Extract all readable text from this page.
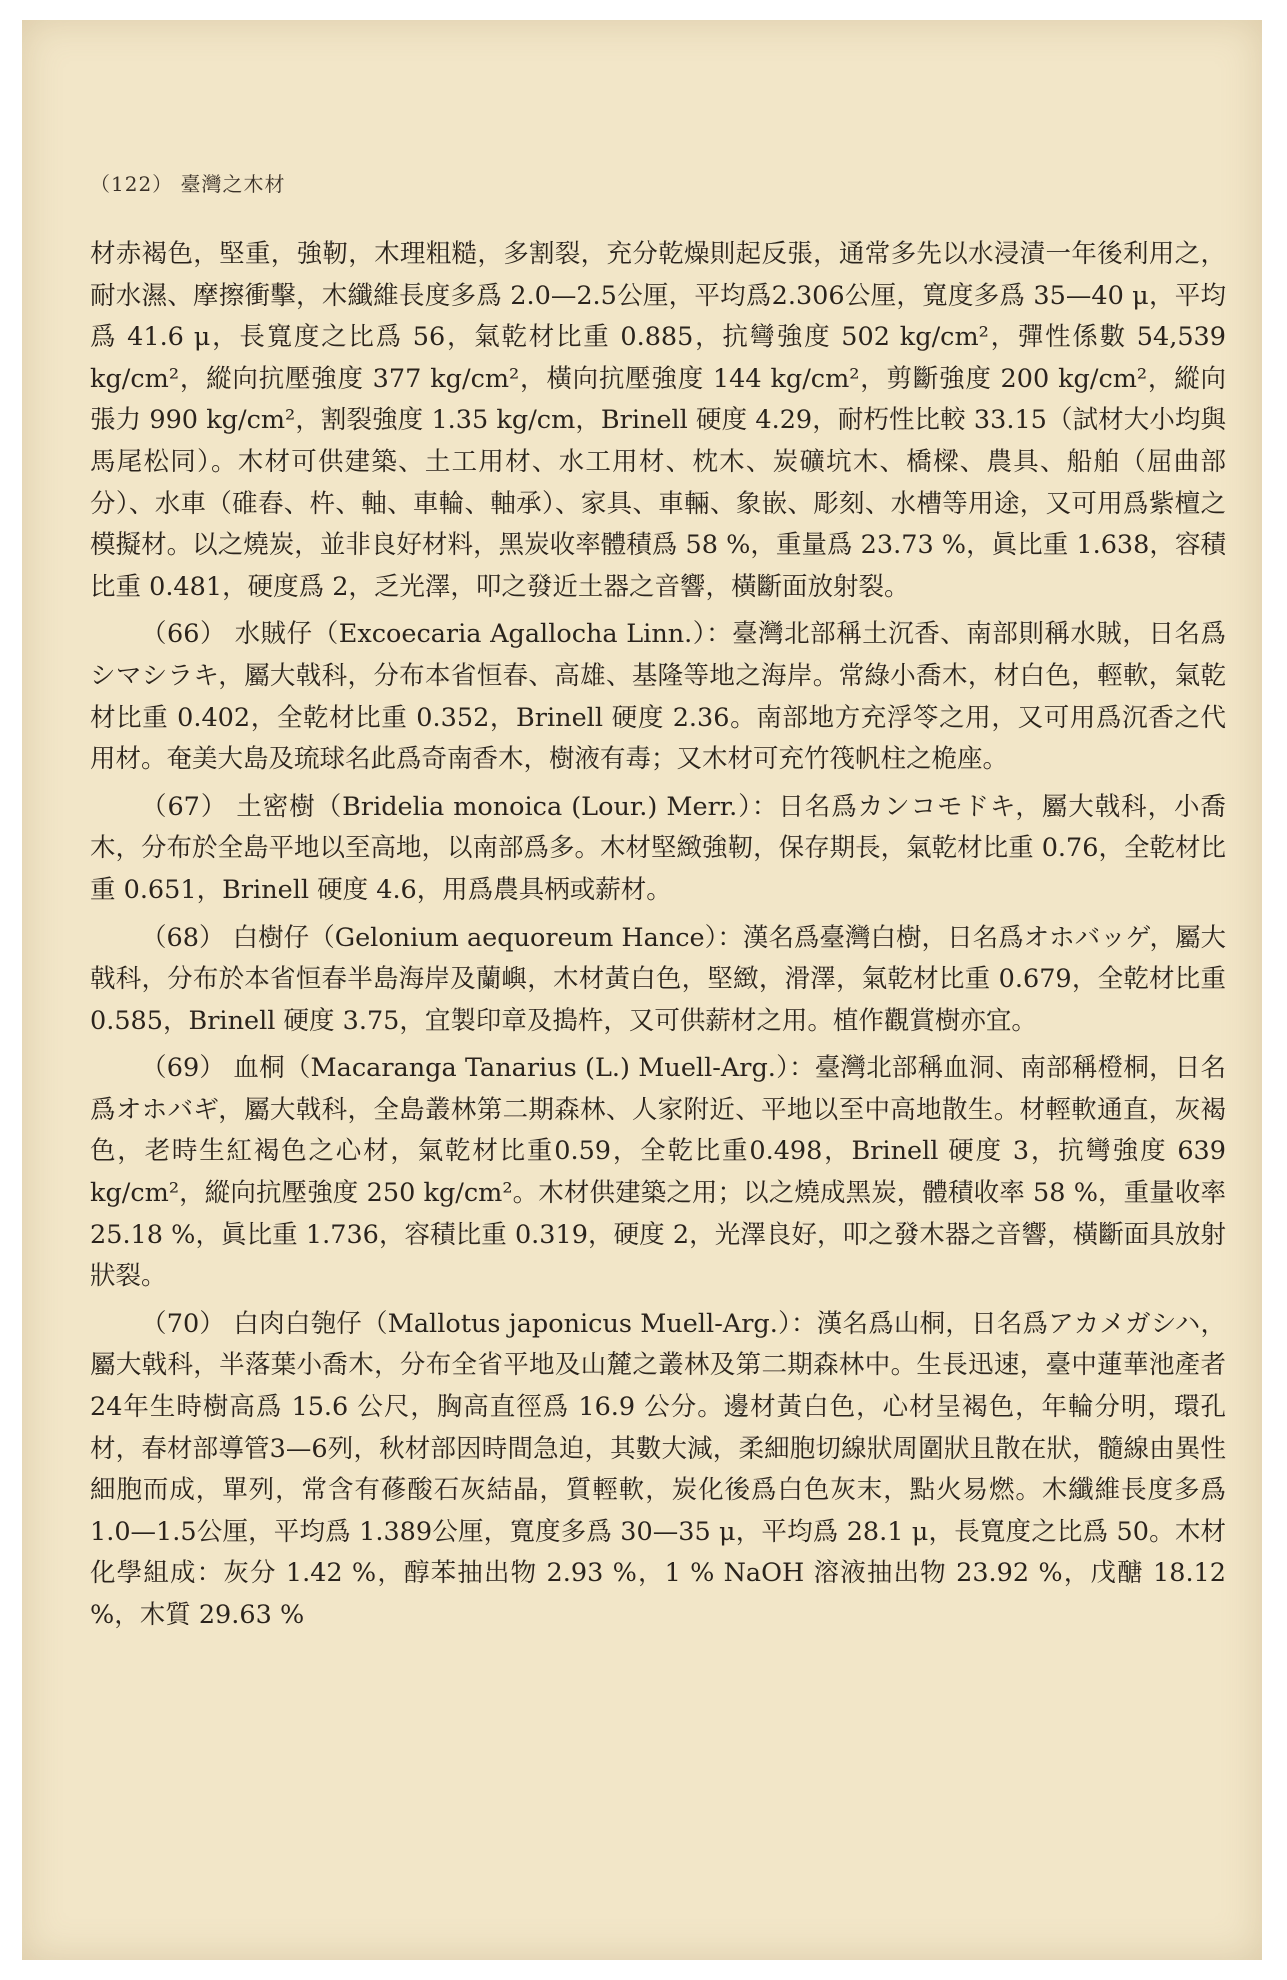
（122） 臺灣之木材

材赤褐色，堅重，強靭，木理粗糙，多割裂，充分乾燥則起反張，通常多先以水浸漬一年後利用之，耐水濕、摩擦衝擊，木纖維長度多爲 2.0—2.5公厘，平均爲2.306公厘，寬度多爲 35—40 μ，平均爲 41.6 μ，長寬度之比爲 56，氣乾材比重 0.885，抗彎強度 502 kg/cm²，彈性係數 54,539 kg/cm²，縱向抗壓強度 377 kg/cm²，橫向抗壓強度 144 kg/cm²，剪斷強度 200 kg/cm²，縱向張力 990 kg/cm²，割裂強度 1.35 kg/cm，Brinell 硬度 4.29，耐朽性比較 33.15（試材大小均與馬尾松同）。木材可供建築、土工用材、水工用材、枕木、炭礦坑木、橋樑、農具、船舶（屈曲部分）、水車（碓舂、杵、軸、車輪、軸承）、家具、車輛、象嵌、彫刻、水槽等用途，又可用爲紫檀之模擬材。以之燒炭，並非良好材料，黑炭收率體積爲 58 %，重量爲 23.73 %，眞比重 1.638，容積比重 0.481，硬度爲 2，乏光澤，叩之發近土器之音響，橫斷面放射裂。

（66） 水賊仔（Excoecaria Agallocha Linn.）：臺灣北部稱土沉香、南部則稱水賊，日名爲シマシラキ，屬大戟科，分布本省恒春、高雄、基隆等地之海岸。常綠小喬木，材白色，輕軟，氣乾材比重 0.402，全乾材比重 0.352，Brinell 硬度 2.36。南部地方充浮笭之用，又可用爲沉香之代用材。奄美大島及琉球名此爲奇南香木，樹液有毒；又木材可充竹筏帆柱之桅座。

（67） 土密樹（Bridelia monoica (Lour.) Merr.）：日名爲カンコモドキ，屬大戟科，小喬木，分布於全島平地以至高地，以南部爲多。木材堅緻強靭，保存期長，氣乾材比重 0.76，全乾材比重 0.651，Brinell 硬度 4.6，用爲農具柄或薪材。

（68） 白樹仔（Gelonium aequoreum Hance）：漢名爲臺灣白樹，日名爲オホバッゲ，屬大戟科，分布於本省恒春半島海岸及蘭嶼，木材黃白色，堅緻，滑澤，氣乾材比重 0.679，全乾材比重 0.585，Brinell 硬度 3.75，宜製印章及搗杵，又可供薪材之用。植作觀賞樹亦宜。

（69） 血桐（Macaranga Tanarius (L.) Muell-Arg.）：臺灣北部稱血洞、南部稱橙桐，日名爲オホバギ，屬大戟科，全島叢林第二期森林、人家附近、平地以至中高地散生。材輕軟通直，灰褐色，老時生紅褐色之心材，氣乾材比重0.59，全乾比重0.498，Brinell 硬度 3，抗彎強度 639 kg/cm²，縱向抗壓強度 250 kg/cm²。木材供建築之用；以之燒成黑炭，體積收率 58 %，重量收率 25.18 %，眞比重 1.736，容積比重 0.319，硬度 2，光澤良好，叩之發木器之音響，橫斷面具放射狀裂。

（70） 白肉白匏仔（Mallotus japonicus Muell-Arg.）：漢名爲山桐，日名爲アカメガシハ，屬大戟科，半落葉小喬木，分布全省平地及山麓之叢林及第二期森林中。生長迅速，臺中蓮華池產者24年生時樹高爲 15.6 公尺，胸高直徑爲 16.9 公分。邊材黃白色，心材呈褐色，年輪分明，環孔材，春材部導管3—6列，秋材部因時間急迫，其數大減，柔細胞切線狀周圍狀且散在狀，髓線由異性細胞而成，單列，常含有蓚酸石灰結晶，質輕軟，炭化後爲白色灰末，點火易燃。木纖維長度多爲 1.0—1.5公厘，平均爲 1.389公厘，寬度多爲 30—35 μ，平均爲 28.1 μ，長寬度之比爲 50。木材化學組成：灰分 1.42 %，醇苯抽出物 2.93 %，1 % NaOH 溶液抽出物 23.92 %，戊醣 18.12 %，木質 29.63 %
